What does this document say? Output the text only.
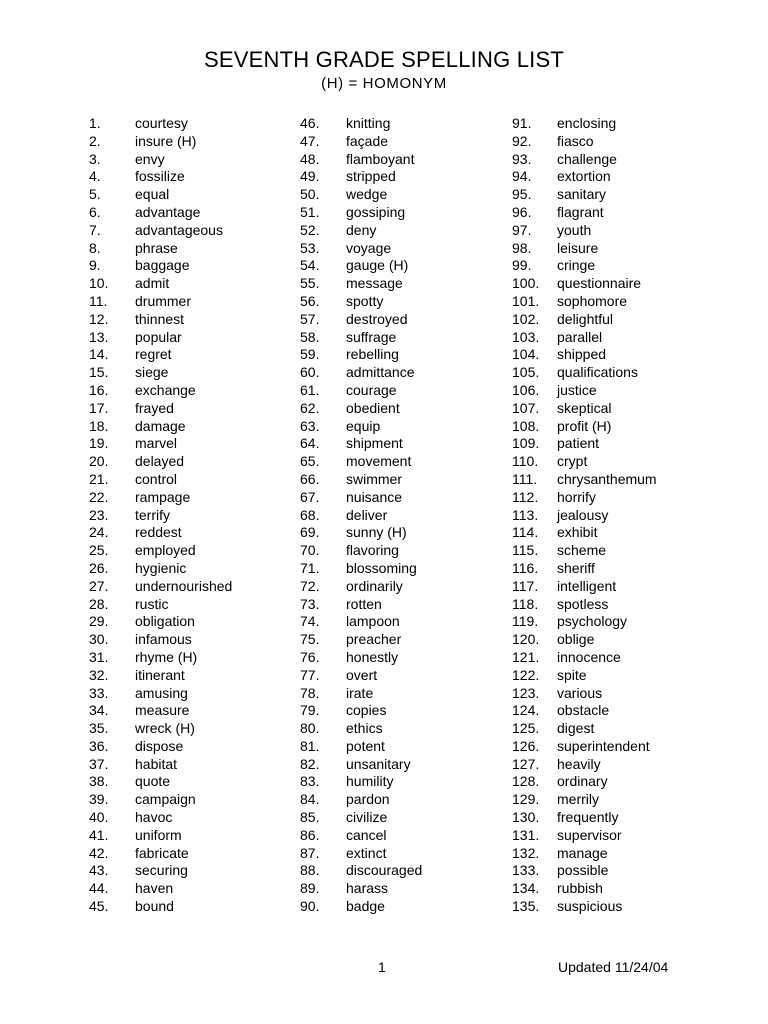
SEVENTH GRADE SPELLING LIST
(H) = HOMONYM
1. courtesy
2. insure (H)
3. envy
4. fossilize
5. equal
6. advantage
7. advantageous
8. phrase
9. baggage
10. admit
11. drummer
12. thinnest
13. popular
14. regret
15. siege
16. exchange
17. frayed
18. damage
19. marvel
20. delayed
21. control
22. rampage
23. terrify
24. reddest
25. employed
26. hygienic
27. undernourished
28. rustic
29. obligation
30. infamous
31. rhyme (H)
32. itinerant
33. amusing
34. measure
35. wreck (H)
36. dispose
37. habitat
38. quote
39. campaign
40. havoc
41. uniform
42. fabricate
43. securing
44. haven
45. bound
46. knitting
47. façade
48. flamboyant
49. stripped
50. wedge
51. gossiping
52. deny
53. voyage
54. gauge (H)
55. message
56. spotty
57. destroyed
58. suffrage
59. rebelling
60. admittance
61. courage
62. obedient
63. equip
64. shipment
65. movement
66. swimmer
67. nuisance
68. deliver
69. sunny (H)
70. flavoring
71. blossoming
72. ordinarily
73. rotten
74. lampoon
75. preacher
76. honestly
77. overt
78. irate
79. copies
80. ethics
81. potent
82. unsanitary
83. humility
84. pardon
85. civilize
86. cancel
87. extinct
88. discouraged
89. harass
90. badge
91. enclosing
92. fiasco
93. challenge
94. extortion
95. sanitary
96. flagrant
97. youth
98. leisure
99. cringe
100. questionnaire
101. sophomore
102. delightful
103. parallel
104. shipped
105. qualifications
106. justice
107. skeptical
108. profit (H)
109. patient
110. crypt
111. chrysanthemum
112. horrify
113. jealousy
114. exhibit
115. scheme
116. sheriff
117. intelligent
118. spotless
119. psychology
120. oblige
121. innocence
122. spite
123. various
124. obstacle
125. digest
126. superintendent
127. heavily
128. ordinary
129. merrily
130. frequently
131. supervisor
132. manage
133. possible
134. rubbish
135. suspicious
1	Updated 11/24/04
